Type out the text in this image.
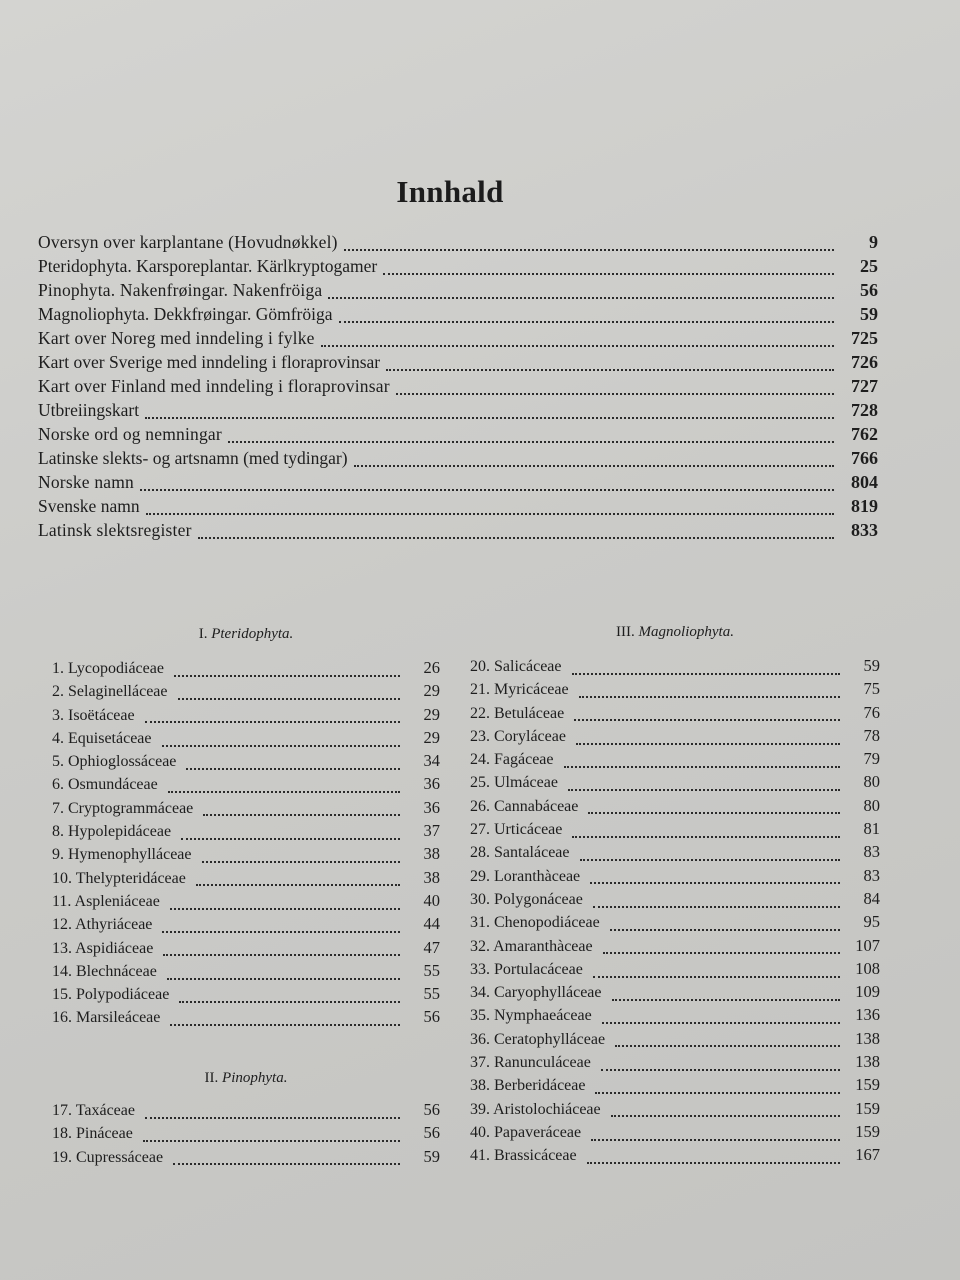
Innhald
Oversyn over karplantane (Hovudnøkkel)	9
Pteridophyta. Karsporeplantar. Kärlkryptogamer	25
Pinophyta. Nakenfrøingar. Nakenfröiga	56
Magnoliophyta. Dekkfrøingar. Gömfröiga	59
Kart over Noreg med inndeling i fylke	725
Kart over Sverige med inndeling i floraprovinsar	726
Kart over Finland med inndeling i floraprovinsar	727
Utbreiingskart	728
Norske ord og nemningar	762
Latinske slekts- og artsnamn (med tydingar)	766
Norske namn	804
Svenske namn	819
Latinsk slektsregister	833
I. Pteridophyta.
1. Lycopodiáceae	26
2. Selaginelláceae	29
3. Isoëtáceae	29
4. Equisetáceae	29
5. Ophioglossáceae	34
6. Osmundáceae	36
7. Cryptogrammáceae	36
8. Hypolepidáceae	37
9. Hymenophylláceae	38
10. Thelypteridáceae	38
11. Aspleniáceae	40
12. Athyriáceae	44
13. Aspidiáceae	47
14. Blechnáceae	55
15. Polypodiáceae	55
16. Marsileáceae	56
II. Pinophyta.
17. Taxáceae	56
18. Pináceae	56
19. Cupressáceae	59
III. Magnoliophyta.
20. Salicáceae	59
21. Myricáceae	75
22. Betuláceae	76
23. Coryláceae	78
24. Fagáceae	79
25. Ulmáceae	80
26. Cannabáceae	80
27. Urticáceae	81
28. Santaláceae	83
29. Loranthàceae	83
30. Polygonáceae	84
31. Chenopodiáceae	95
32. Amaranthàceae	107
33. Portulacáceae	108
34. Caryophylláceae	109
35. Nymphaeáceae	136
36. Ceratophylláceae	138
37. Ranunculáceae	138
38. Berberidáceae	159
39. Aristolochiáceae	159
40. Papaveráceae	159
41. Brassicáceae	167
